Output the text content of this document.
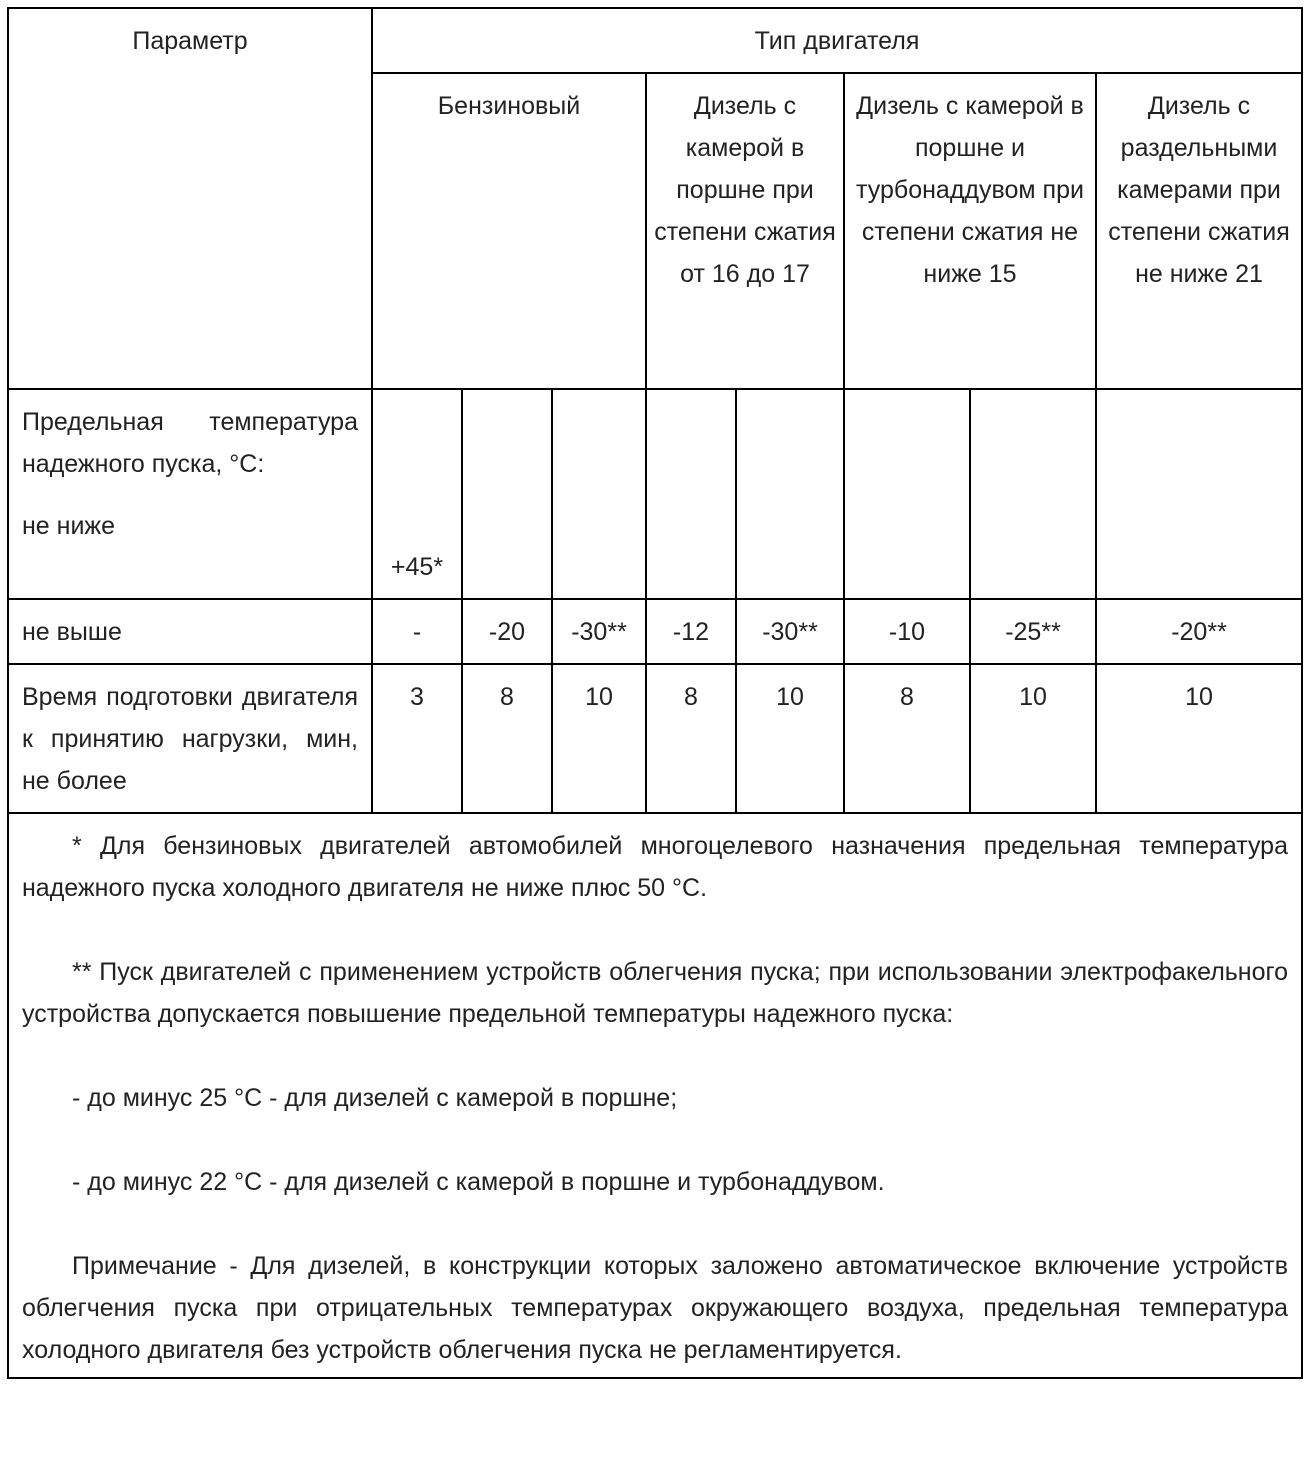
Параметр	Тип двигателя							
	Бензиновый			Дизель с камерой в поршне при степени сжатия от 16 до 17		Дизель с камерой в поршне и турбонаддувом при степени сжатия не ниже 15		Дизель с раздельными камерами при степени сжатия не ниже 21

Предельная температура надежного пуска, °С:
не ниже	+45*							
не выше	-	-20	-30**	-12	-30**	-10	-25**	-20**
Время подготовки двигателя к принятию нагрузки, мин, не более	3	8	10	8	10	8	10	10

* Для бензиновых двигателей автомобилей многоцелевого назначения предельная температура надежного пуска холодного двигателя не ниже плюс 50 °С.

** Пуск двигателей с применением устройств облегчения пуска; при использовании электрофакельного устройства допускается повышение предельной температуры надежного пуска:

- до минус 25 °С - для дизелей с камерой в поршне;

- до минус 22 °С - для дизелей с камерой в поршне и турбонаддувом.

Примечание - Для дизелей, в конструкции которых заложено автоматическое включение устройств облегчения пуска при отрицательных температурах окружающего воздуха, предельная температура холодного двигателя без устройств облегчения пуска не регламентируется.								
